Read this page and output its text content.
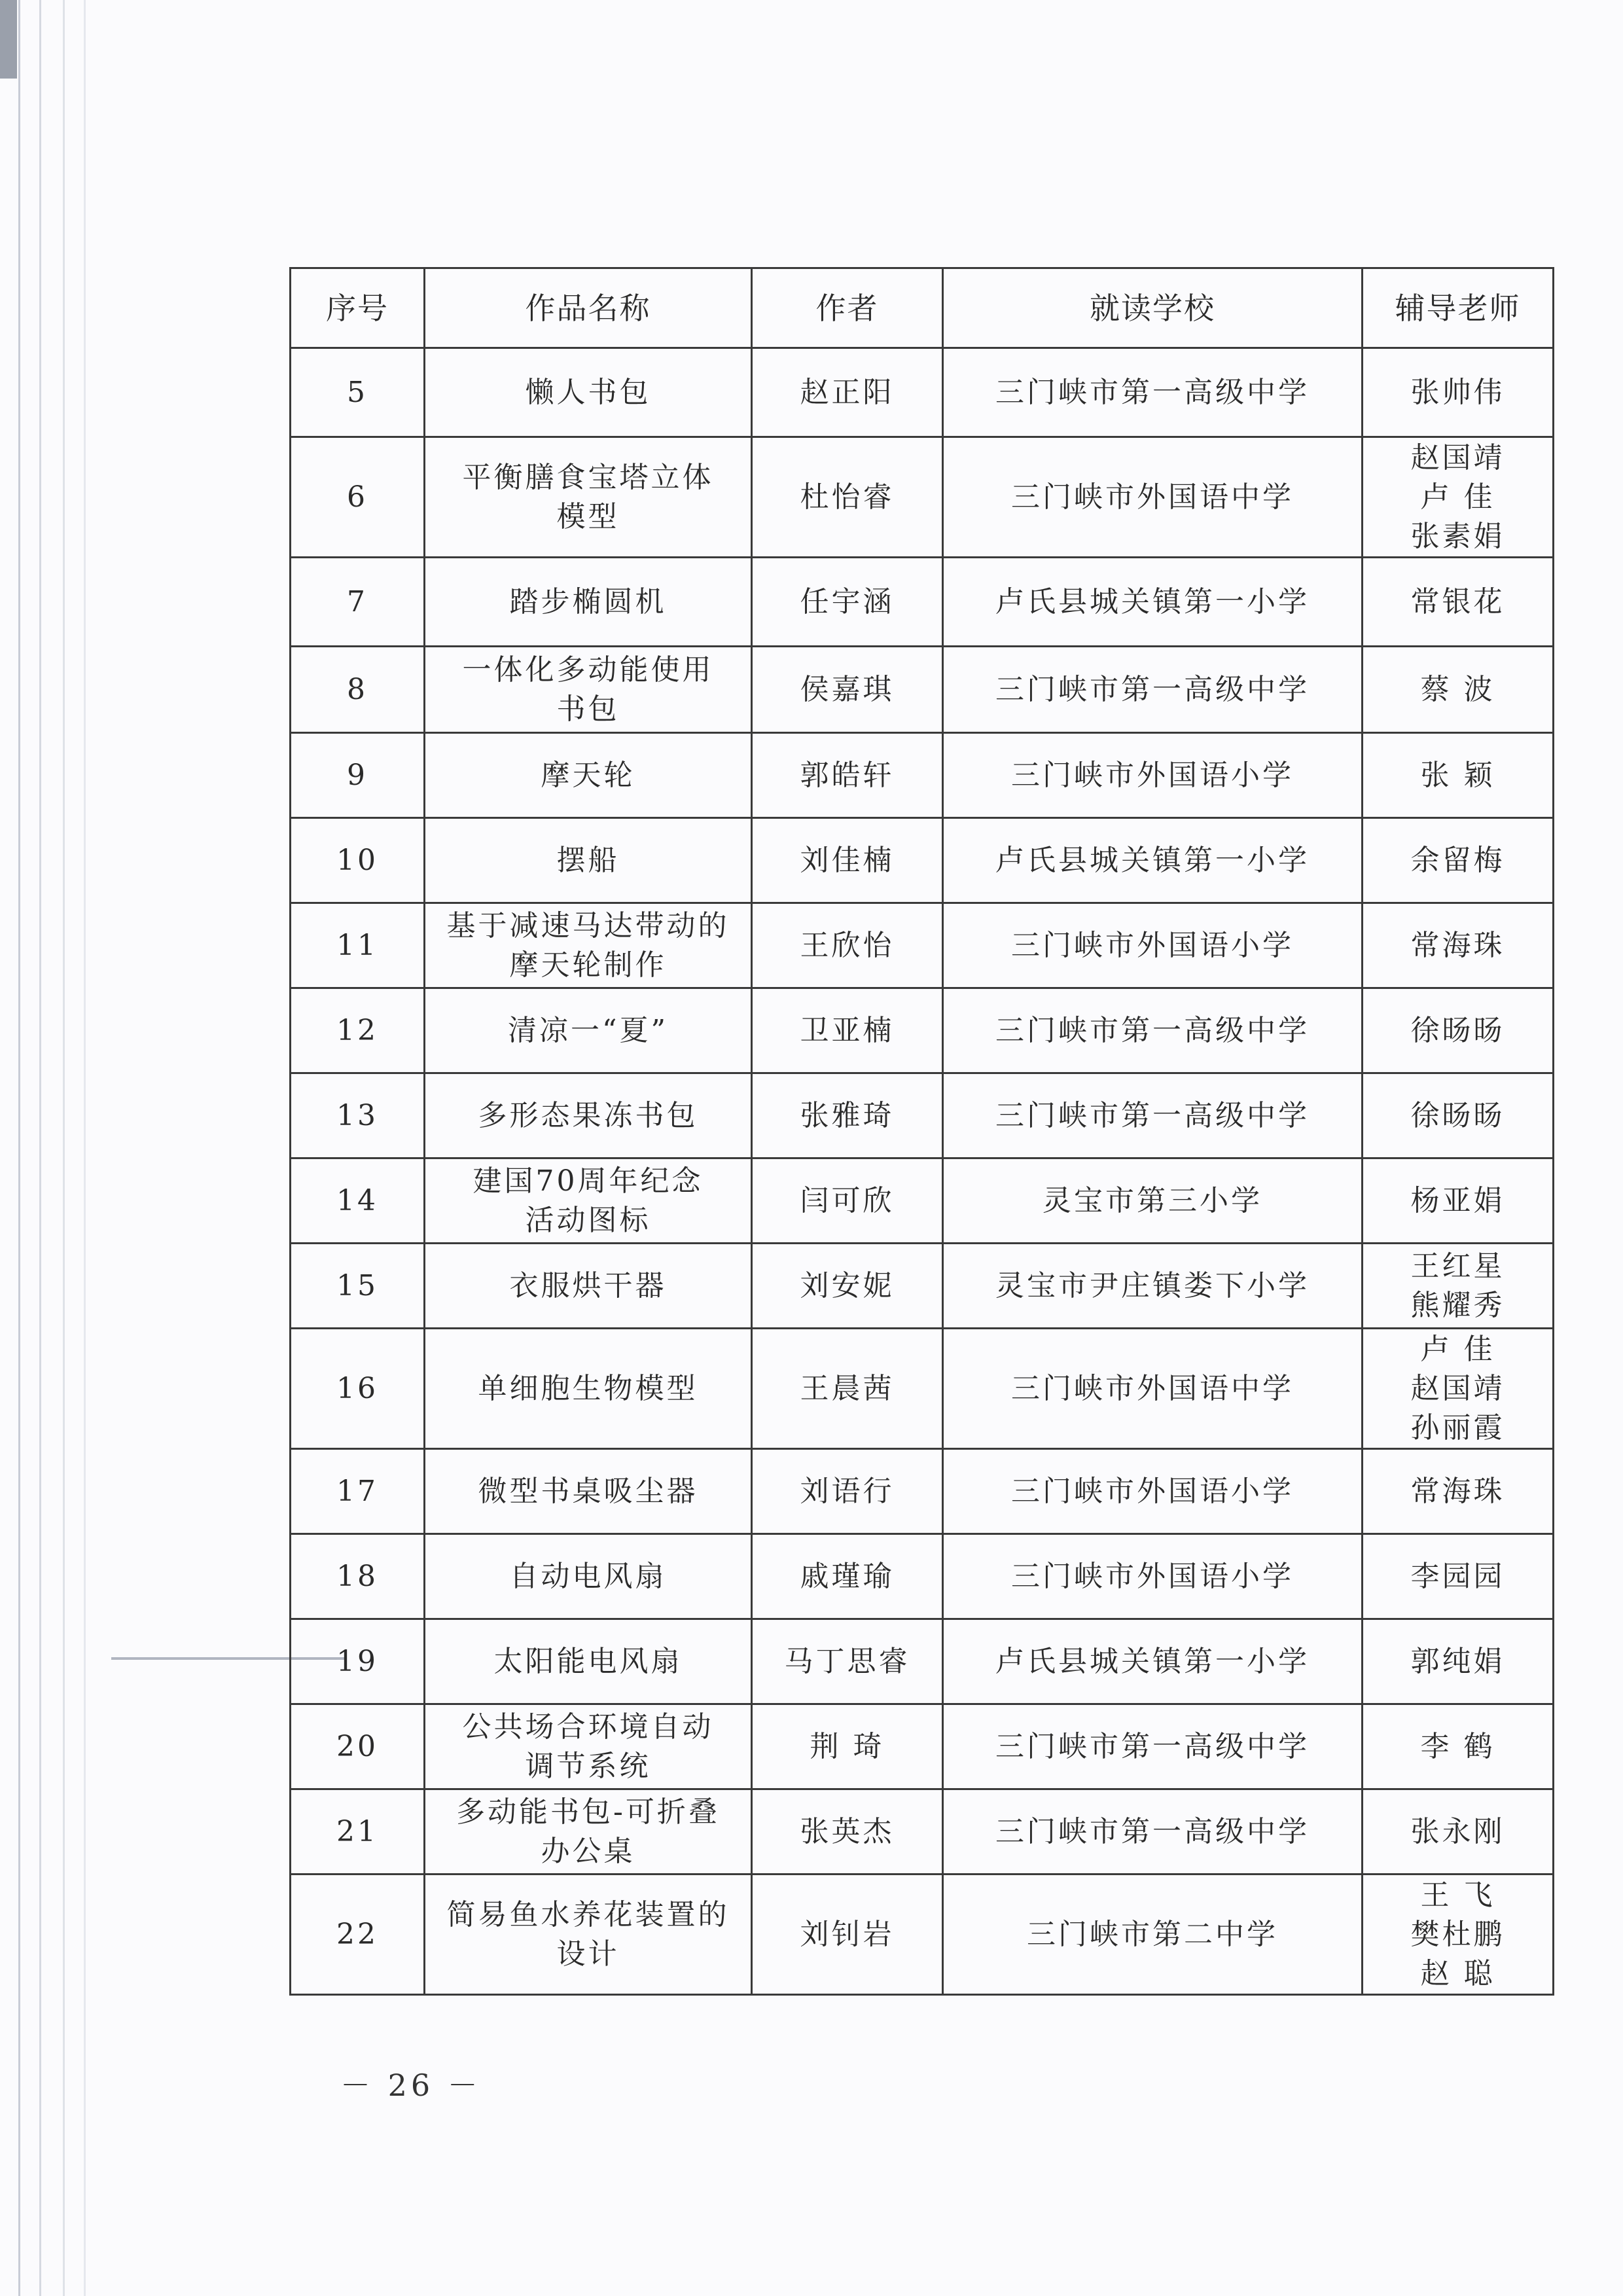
序号	作品名称	作者	就读学校	辅导老师
5	懒人书包	赵正阳	三门峡市第一高级中学	张帅伟

6	平衡膳食宝塔立体
模型	杜怡睿	三门峡市外国语中学	赵国靖
卢 佳
张素娟

7	踏步椭圆机	任宇涵	卢氏县城关镇第一小学	常银花

8	一体化多动能使用
书包	侯嘉琪	三门峡市第一高级中学	蔡 波

9	摩天轮	郭皓轩	三门峡市外国语小学	张 颖

10	摆船	刘佳楠	卢氏县城关镇第一小学	余留梅

11	基于减速马达带动的
摩天轮制作	王欣怡	三门峡市外国语小学	常海珠

12	清凉一“夏”	卫亚楠	三门峡市第一高级中学	徐旸旸

13	多形态果冻书包	张雅琦	三门峡市第一高级中学	徐旸旸

14	建国70周年纪念
活动图标	闫可欣	灵宝市第三小学	杨亚娟

15	衣服烘干器	刘安妮	灵宝市尹庄镇娄下小学	王红星
熊耀秀

16	单细胞生物模型	王晨茜	三门峡市外国语中学	卢 佳
赵国靖
孙丽霞

17	微型书桌吸尘器	刘语行	三门峡市外国语小学	常海珠

18	自动电风扇	戚瑾瑜	三门峡市外国语小学	李园园

19	太阳能电风扇	马丁思睿	卢氏县城关镇第一小学	郭纯娟

20	公共场合环境自动
调节系统	荆 琦	三门峡市第一高级中学	李 鹤

21	多动能书包-可折叠
办公桌	张英杰	三门峡市第一高级中学	张永刚

22	简易鱼水养花装置的
设计	刘钊岩	三门峡市第二中学	王 飞
樊杜鹏
赵 聪
－ 26 －
